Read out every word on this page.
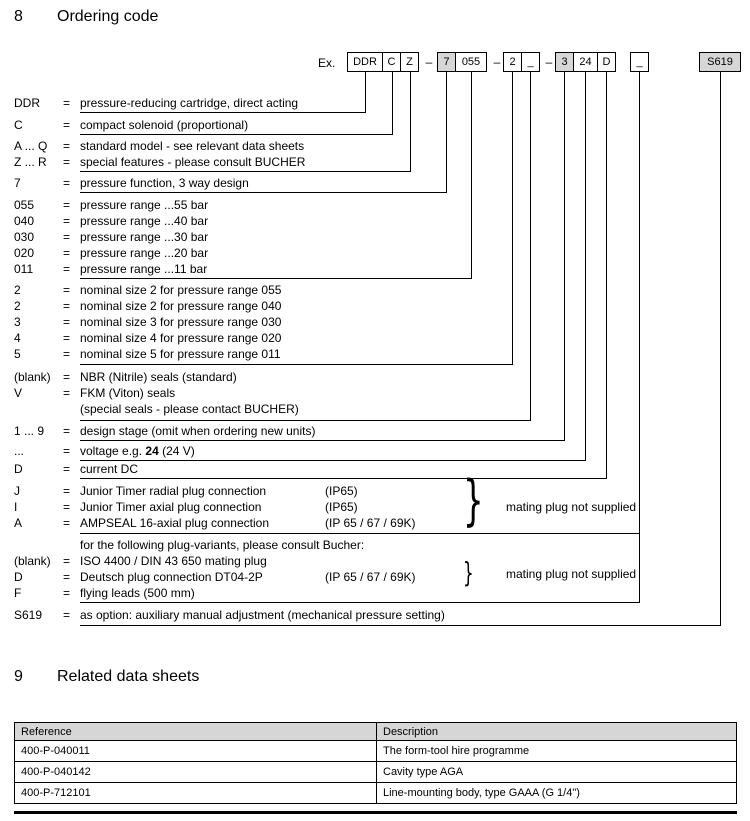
8 Ordering code
Ex.	DDR C Z	–	7	055	– 2	_	– 3	24 D	_	S619
DDR = pressure-reducing cartridge, direct acting
C	= compact solenoid (proportional)
A ... Q = standard model - see relevant data sheets
Z ... R = special features - please consult BUCHER
7	= pressure function, 3 way design
055 = pressure range ...55 bar
040 = pressure range ...40 bar
030 = pressure range ...30 bar
020 = pressure range ...20 bar
011 = pressure range ...11 bar
2	= nominal size 2 for pressure range 055
2	= nominal size 2 for pressure range 040
3	= nominal size 3 for pressure range 030
4	= nominal size 4 for pressure range 020
5	= nominal size 5 for pressure range 011
(blank) = NBR (Nitrile) seals (standard)
V	= FKM (Viton) seals
(special seals - please contact BUCHER)
1 ... 9 = design stage (omit when ordering new units)
...	= voltage e.g. 24 (24 V)
D	= current DC
J	= Junior Timer radial plug connection	(IP65)
I	= Junior Timer axial plug connection	(IP65)
A	= AMPSEAL 16-axial plug connection	(IP 65 / 67 / 69K)
for the following plug-variants, please consult Bucher:
(blank) = ISO 4400 / DIN 43 650 mating plug
D	= Deutsch plug connection DT04-2P	(IP 65 / 67 / 69K)
F	= flying leads (500 mm)
S619 = as option: auxiliary manual adjustment (mechanical pressure setting)
} mating plug not supplied
}	mating plug not supplied
9 Related data sheets
Reference	Description
400-P-040011	The form-tool hire programme
400-P-040142	Cavity type AGA
400-P-712101	Line-mounting body, type GAAA (G 1/4")
